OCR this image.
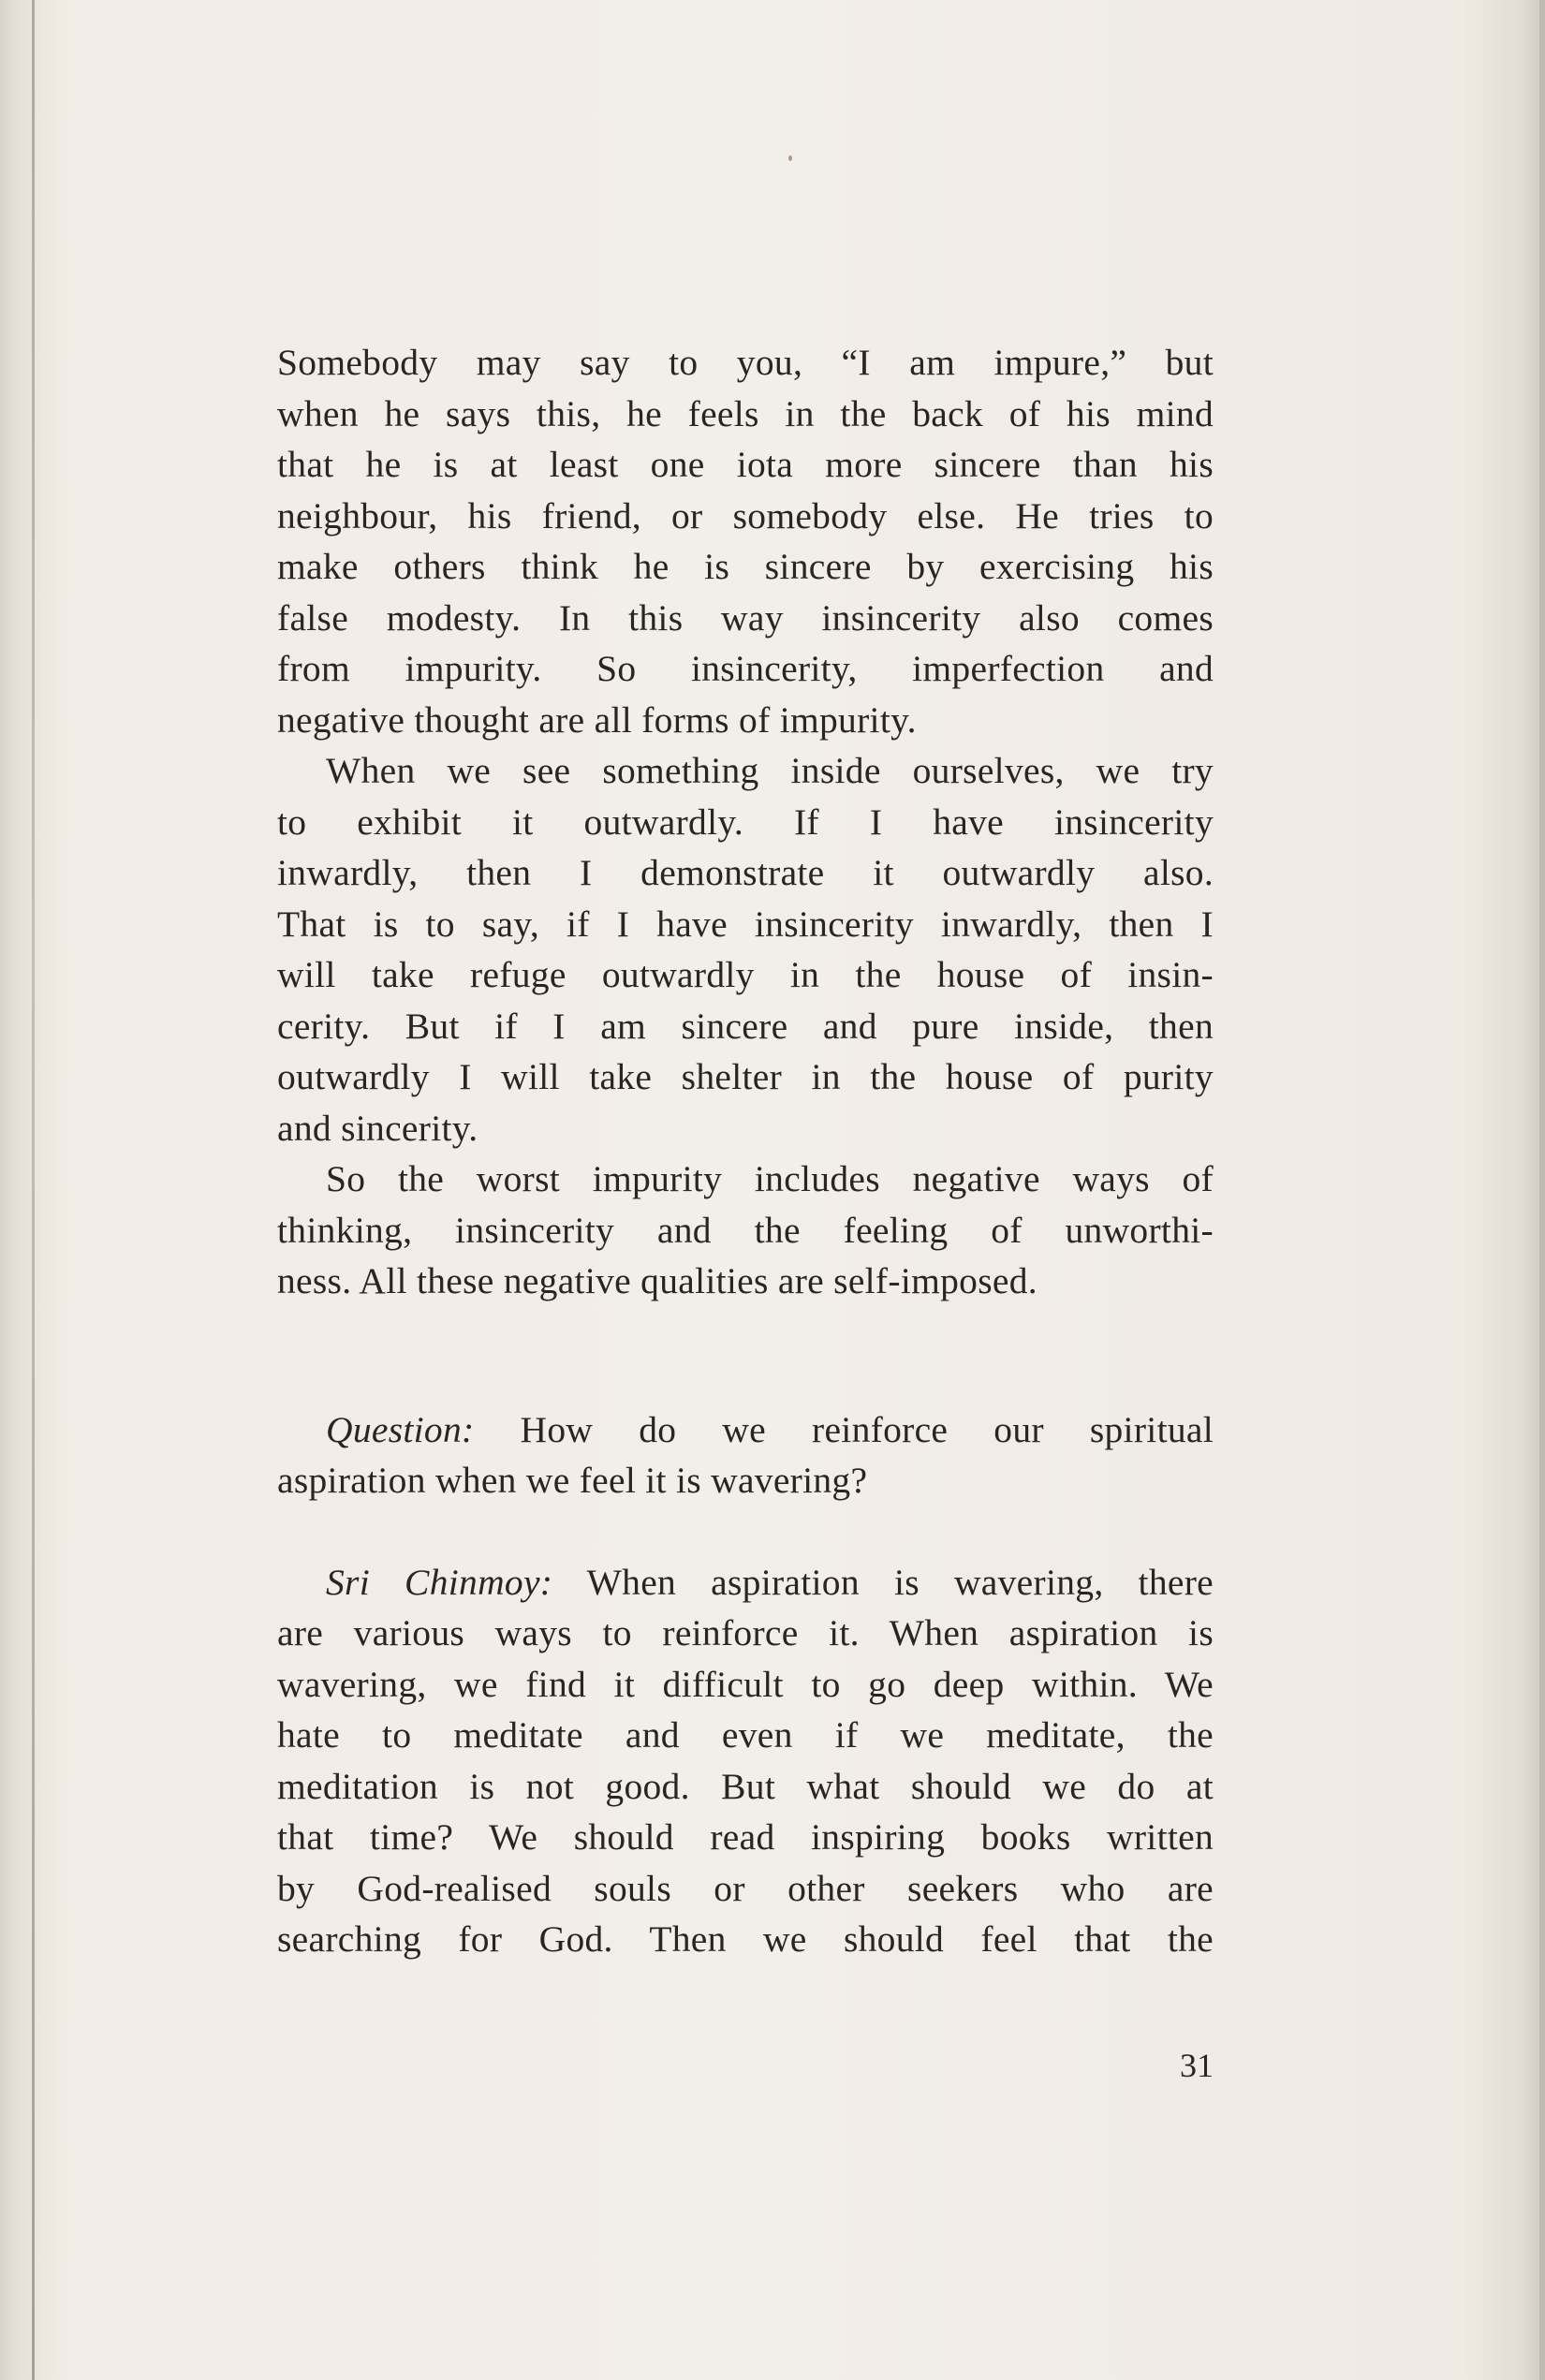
Somebody may say to you, “I am impure,” but
when he says this, he feels in the back of his mind
that he is at least one iota more sincere than his
neighbour, his friend, or somebody else. He tries to
make others think he is sincere by exercising his
false modesty. In this way insincerity also comes
from impurity. So insincerity, imperfection and
negative thought are all forms of impurity.

When we see something inside ourselves, we try
to exhibit it outwardly. If I have insincerity
inwardly, then I demonstrate it outwardly also.
That is to say, if I have insincerity inwardly, then I
will take refuge outwardly in the house of insin-
cerity. But if I am sincere and pure inside, then
outwardly I will take shelter in the house of purity
and sincerity.

So the worst impurity includes negative ways of
thinking, insincerity and the feeling of unworthi-
ness. All these negative qualities are self-imposed.

Question: How do we reinforce our spiritual
aspiration when we feel it is wavering?

Sri Chinmoy: When aspiration is wavering, there
are various ways to reinforce it. When aspiration is
wavering, we find it difficult to go deep within. We
hate to meditate and even if we meditate, the
meditation is not good. But what should we do at
that time? We should read inspiring books written
by God-realised souls or other seekers who are
searching for God. Then we should feel that the

31
